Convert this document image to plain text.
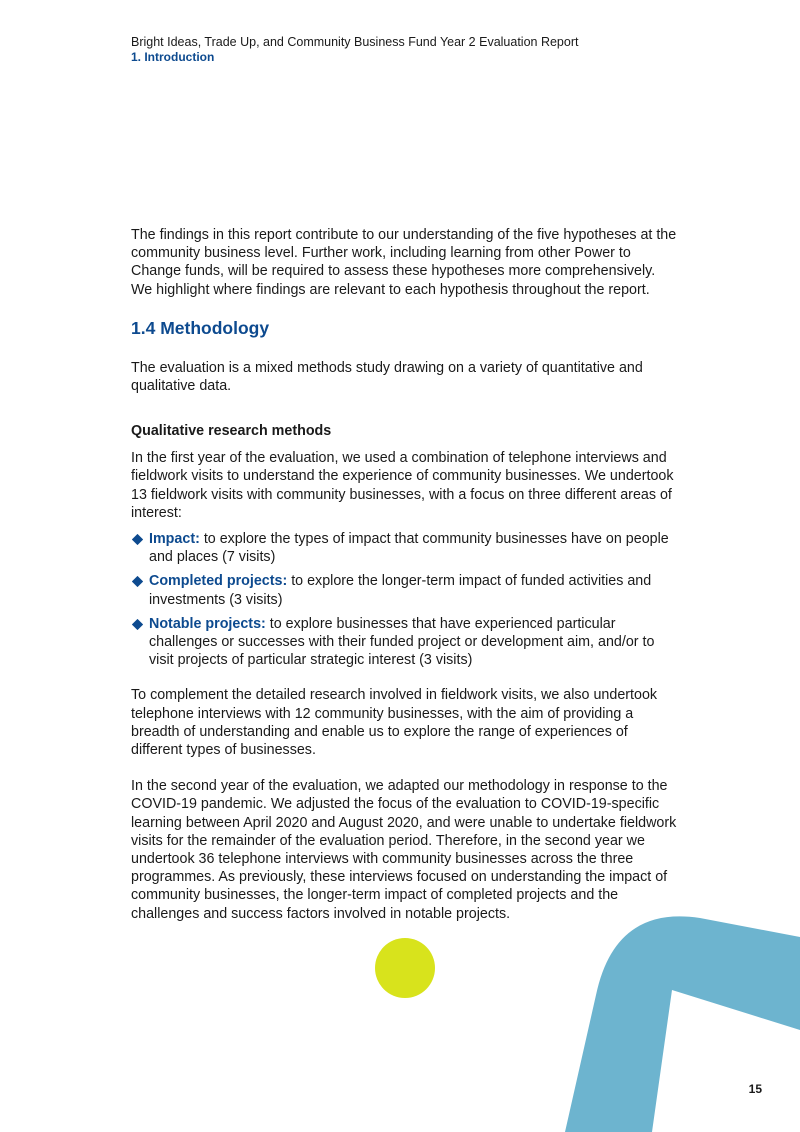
Bright Ideas, Trade Up, and Community Business Fund Year 2 Evaluation Report
1. Introduction

The findings in this report contribute to our understanding of the five hypotheses at the community business level. Further work, including learning from other Power to Change funds, will be required to assess these hypotheses more comprehensively. We highlight where findings are relevant to each hypothesis throughout the report.

1.4 Methodology

The evaluation is a mixed methods study drawing on a variety of quantitative and qualitative data.

Qualitative research methods

In the first year of the evaluation, we used a combination of telephone interviews and fieldwork visits to understand the experience of community businesses. We undertook 13 fieldwork visits with community businesses, with a focus on three different areas of interest:

Impact: to explore the types of impact that community businesses have on people and places (7 visits)
Completed projects: to explore the longer-term impact of funded activities and investments (3 visits)
Notable projects: to explore businesses that have experienced particular challenges or successes with their funded project or development aim, and/or to visit projects of particular strategic interest (3 visits)

To complement the detailed research involved in fieldwork visits, we also undertook telephone interviews with 12 community businesses, with the aim of providing a breadth of understanding and enable us to explore the range of experiences of different types of businesses.

In the second year of the evaluation, we adapted our methodology in response to the COVID-19 pandemic. We adjusted the focus of the evaluation to COVID-19-specific learning between April 2020 and August 2020, and were unable to undertake fieldwork visits for the remainder of the evaluation period. Therefore, in the second year we undertook 36 telephone interviews with community businesses across the three programmes. As previously, these interviews focused on understanding the impact of community businesses, the longer-term impact of completed projects and the challenges and success factors involved in notable projects.

15
